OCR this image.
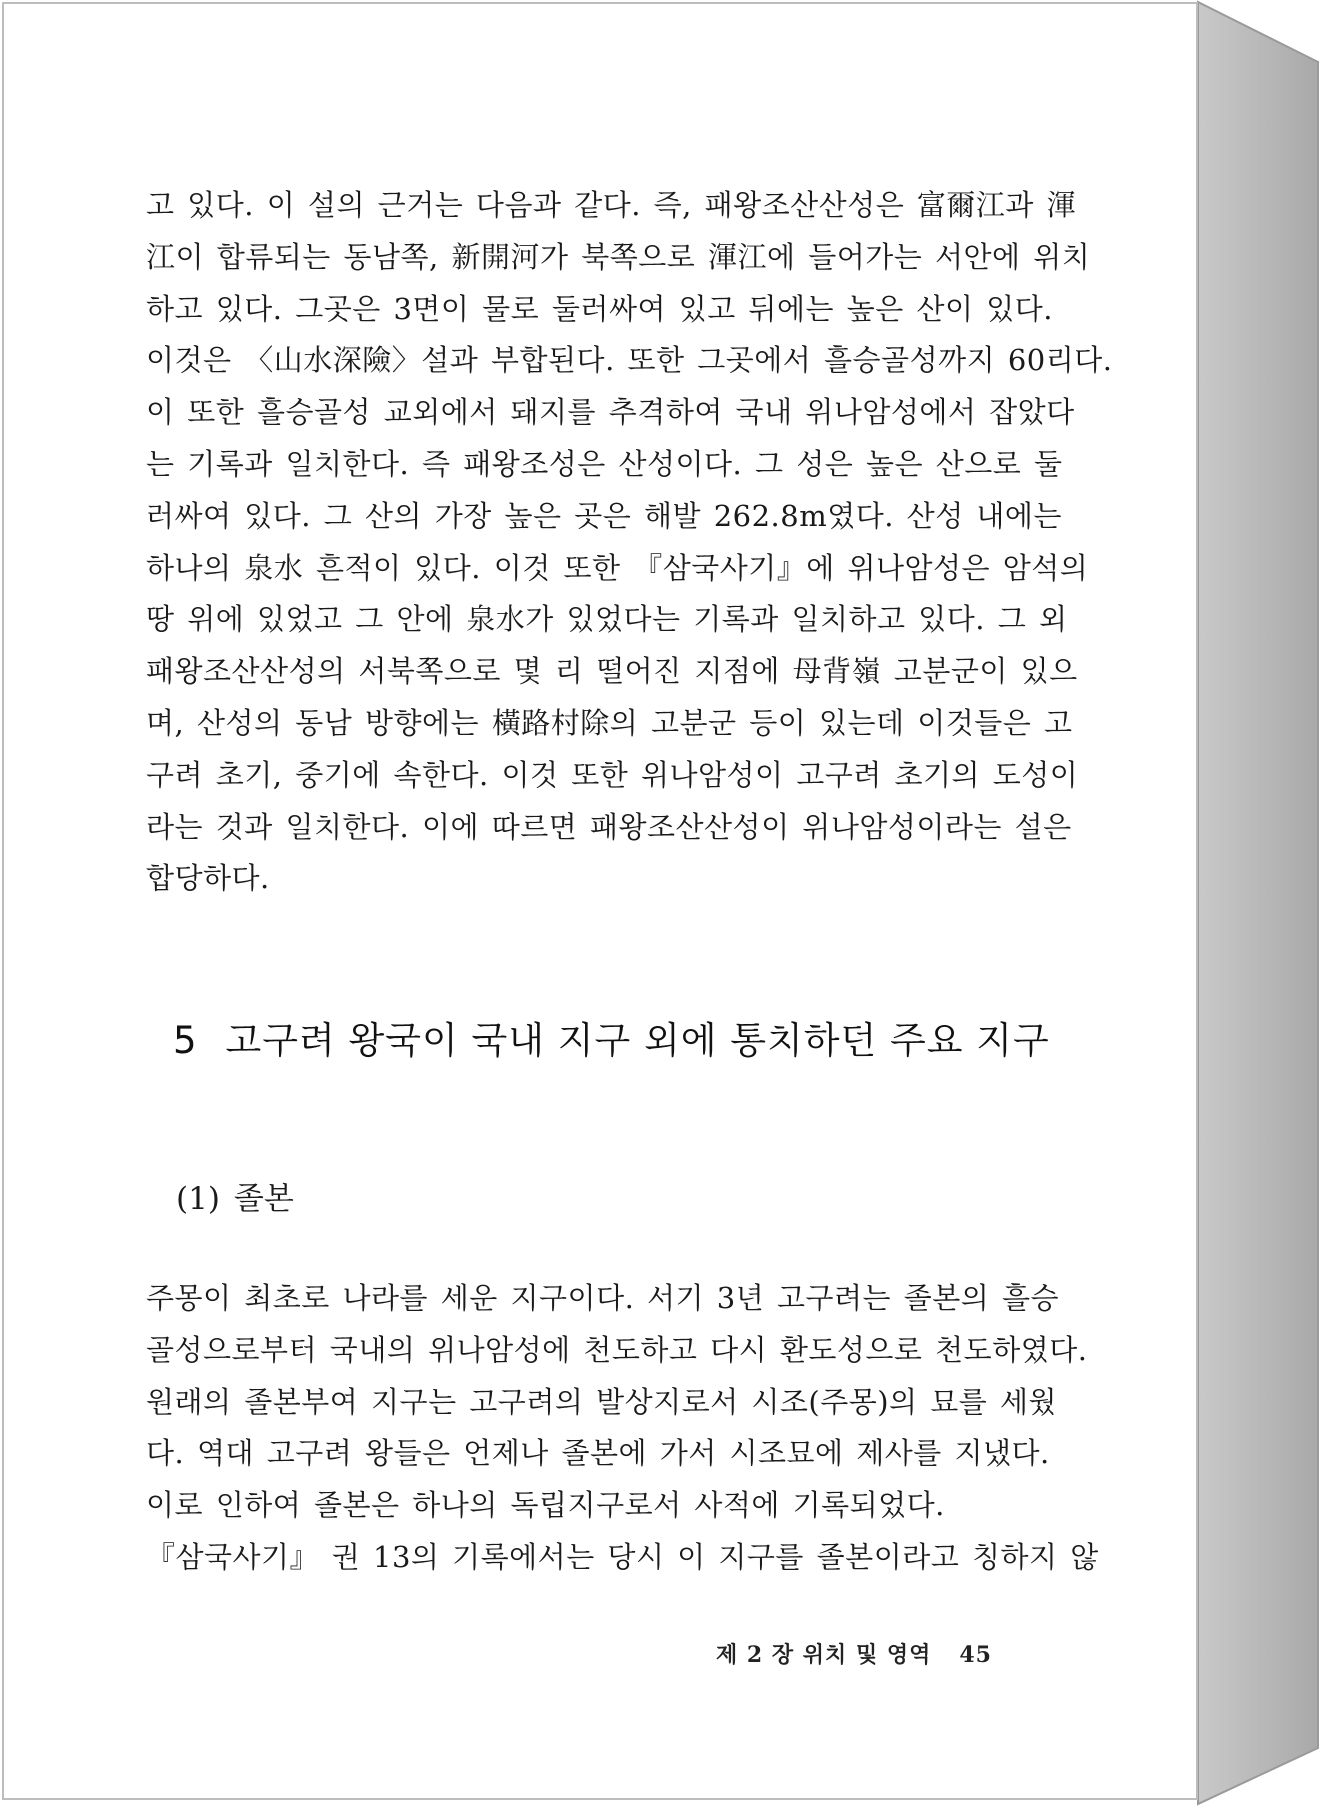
고 있다. 이 설의 근거는 다음과 같다. 즉, 패왕조산산성은 富爾江과 渾

江이 합류되는 동남쪽, 新開河가 북쪽으로 渾江에 들어가는 서안에 위치

하고 있다. 그곳은 3면이 물로 둘러싸여 있고 뒤에는 높은 산이 있다.

이것은 〈山水深險〉설과 부합된다. 또한 그곳에서 흘승골성까지 60리다.

이 또한 흘승골성 교외에서 돼지를 추격하여 국내 위나암성에서 잡았다

는 기록과 일치한다. 즉 패왕조성은 산성이다. 그 성은 높은 산으로 둘

러싸여 있다. 그 산의 가장 높은 곳은 해발 262.8m였다. 산성 내에는

하나의 泉水 흔적이 있다. 이것 또한 『삼국사기』에 위나암성은 암석의

땅 위에 있었고 그 안에 泉水가 있었다는 기록과 일치하고 있다. 그 외

패왕조산산성의 서북쪽으로 몇 리 떨어진 지점에 母背嶺 고분군이 있으

며, 산성의 동남 방향에는 橫路村除의 고분군 등이 있는데 이것들은 고

구려 초기, 중기에 속한다. 이것 또한 위나암성이 고구려 초기의 도성이

라는 것과 일치한다. 이에 따르면 패왕조산산성이 위나암성이라는 설은

합당하다.

5 고구려 왕국이 국내 지구 외에 통치하던 주요 지구
(1) 졸본

주몽이 최초로 나라를 세운 지구이다. 서기 3년 고구려는 졸본의 흘승

골성으로부터 국내의 위나암성에 천도하고 다시 환도성으로 천도하였다.

원래의 졸본부여 지구는 고구려의 발상지로서 시조(주몽)의 묘를 세웠

다. 역대 고구려 왕들은 언제나 졸본에 가서 시조묘에 제사를 지냈다.

이로 인하여 졸본은 하나의 독립지구로서 사적에 기록되었다.

『삼국사기』 권 13의 기록에서는 당시 이 지구를 졸본이라고 칭하지 않

제 2 장 위치 및 영역 45
